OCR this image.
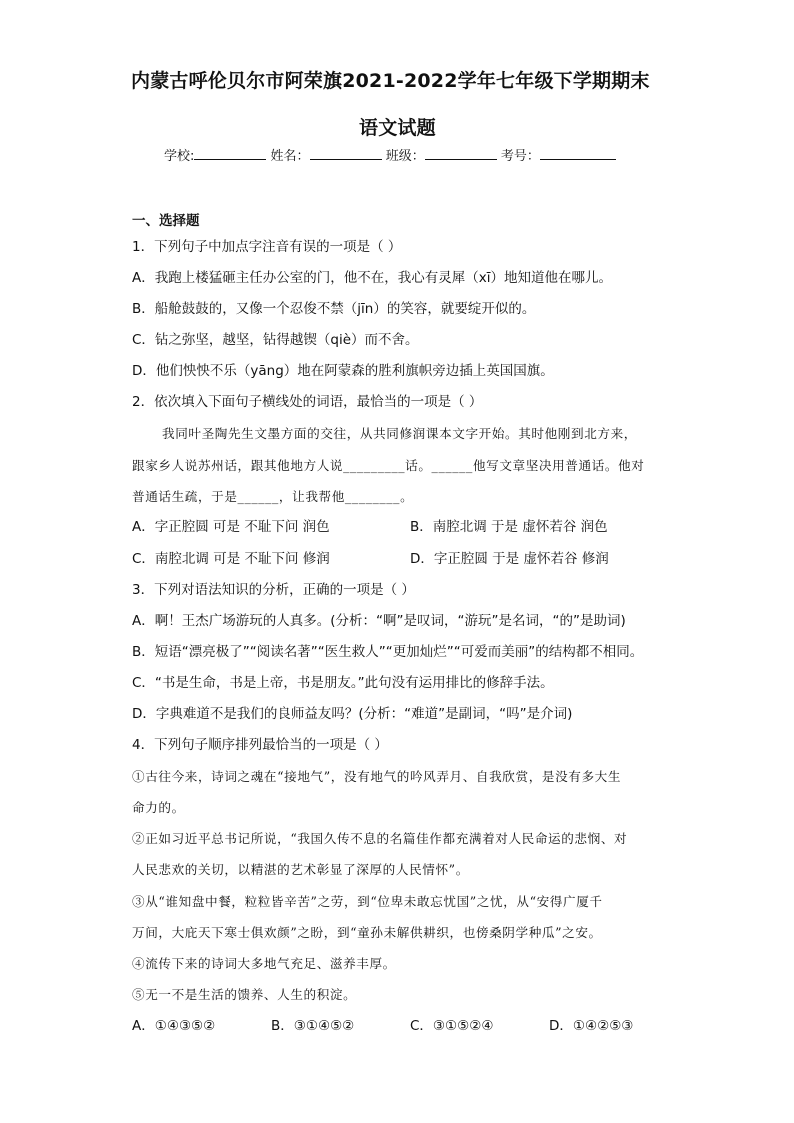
内蒙古呼伦贝尔市阿荣旗2021-2022学年七年级下学期期末
语文试题
学校:	姓名：	班级：	考号：
一、选择题
1．下列句子中加点字注音有误的一项是（ ）
A．我跑上楼猛砸主任办公室的门，他不在，我心有灵犀（xī）地知道他在哪儿。
B．船舱鼓鼓的，又像一个忍俊不禁（jīn）的笑容，就要绽开似的。
C．钻之弥坚，越坚，钻得越锲（qiè）而不舍。
D．他们怏怏不乐（yāng）地在阿蒙森的胜利旗帜旁边插上英国国旗。
2．依次填入下面句子横线处的词语，最恰当的一项是（ ）
我同叶圣陶先生文墨方面的交往，从共同修润课本文字开始。其时他刚到北方来，
跟家乡人说苏州话，跟其他地方人说_________话。______他写文章坚决用普通话。他对
普通话生疏，于是______，让我帮他________。
A．字正腔圆 可是 不耻下问 润色	B．南腔北调 于是 虚怀若谷 润色
C．南腔北调 可是 不耻下问 修润	D．字正腔圆 于是 虚怀若谷 修润
3．下列对语法知识的分析，正确的一项是（ ）
A．啊！王杰广场游玩的人真多。(分析：“啊”是叹词，“游玩”是名词，“的”是助词)
B．短语“漂亮极了”“阅读名著”“医生救人”“更加灿烂”“可爱而美丽”的结构都不相同。
C．“书是生命，书是上帝，书是朋友。”此句没有运用排比的修辞手法。
D．字典难道不是我们的良师益友吗？(分析：“难道”是副词，“吗”是介词)
4．下列句子顺序排列最恰当的一项是（ ）
①古往今来，诗词之魂在“接地气”，没有地气的吟风弄月、自我欣赏，是没有多大生
命力的。
②正如习近平总书记所说，“我国久传不息的名篇佳作都充满着对人民命运的悲悯、对
人民悲欢的关切，以精湛的艺术彰显了深厚的人民情怀”。
③从“谁知盘中餐，粒粒皆辛苦”之劳，到“位卑未敢忘忧国”之忧，从“安得广厦千
万间，大庇天下寒士俱欢颜”之盼，到“童孙未解供耕织，也傍桑阴学种瓜”之安。
④流传下来的诗词大多地气充足、滋养丰厚。
⑤无一不是生活的馈养、人生的积淀。
A．①④③⑤②	B．③①④⑤②	C．③①⑤②④	D．①④②⑤③
